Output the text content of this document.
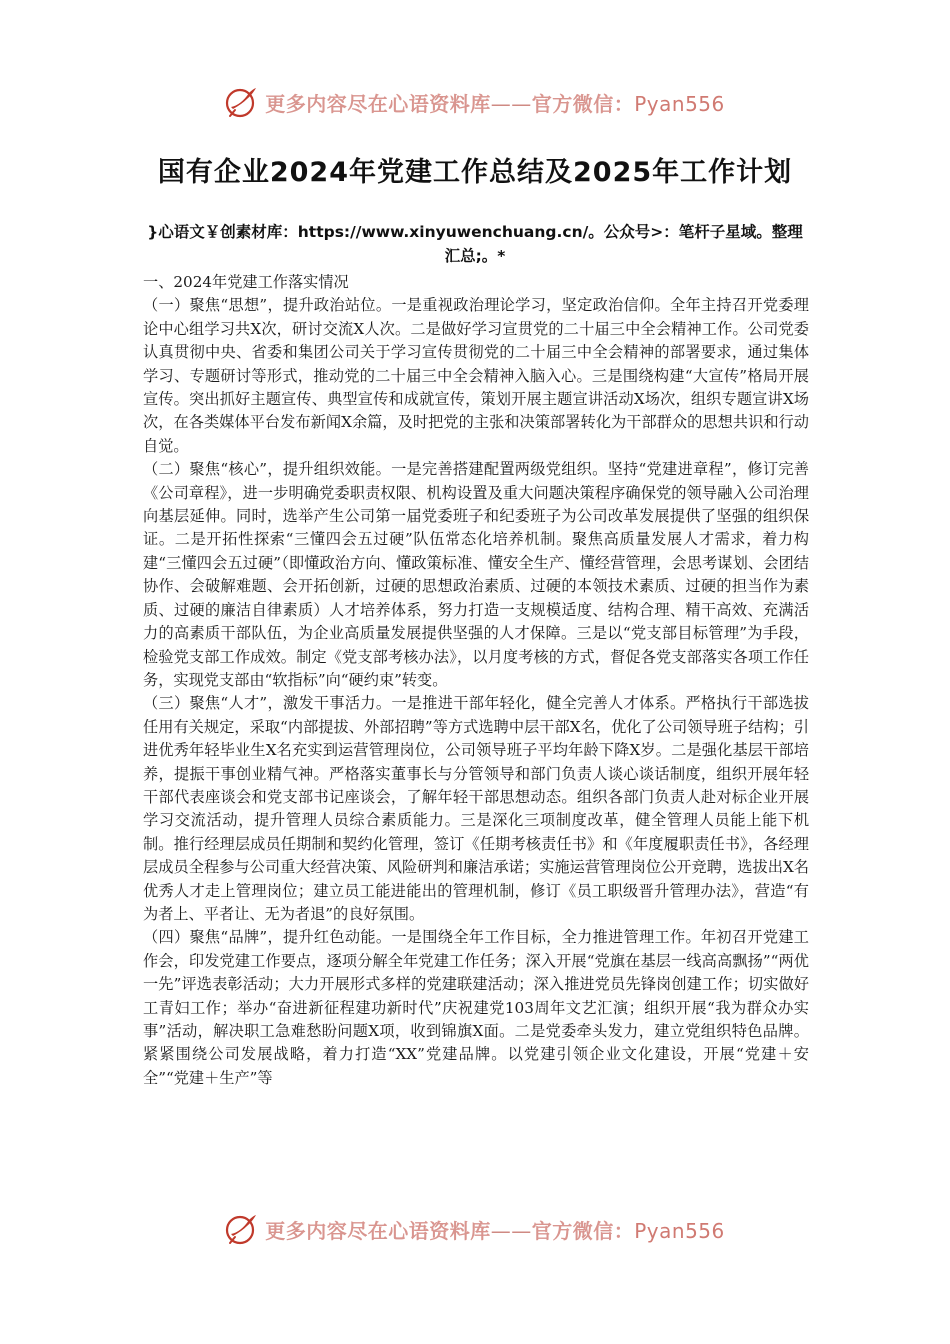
更多内容尽在心语资料库——官方微信：Pyan556
国有企业2024年党建工作总结及2025年工作计划
}心语文￥创素材库：https://www.xinyuwenchuang.cn/。公众号>：笔杆子星域。整理汇总;。*

一、2024年党建工作落实情况

（一）聚焦“思想”，提升政治站位。一是重视政治理论学习，坚定政治信仰。全年主持召开党委理论中心组学习共X次，研讨交流X人次。二是做好学习宣贯党的二十届三中全会精神工作。公司党委认真贯彻中央、省委和集团公司关于学习宣传贯彻党的二十届三中全会精神的部署要求，通过集体学习、专题研讨等形式，推动党的二十届三中全会精神入脑入心。三是围绕构建“大宣传”格局开展宣传。突出抓好主题宣传、典型宣传和成就宣传，策划开展主题宣讲活动X场次，组织专题宣讲X场次，在各类媒体平台发布新闻X余篇，及时把党的主张和决策部署转化为干部群众的思想共识和行动自觉。

（二）聚焦“核心”，提升组织效能。一是完善搭建配置两级党组织。坚持“党建进章程”，修订完善《公司章程》，进一步明确党委职责权限、机构设置及重大问题决策程序确保党的领导融入公司治理向基层延伸。同时，选举产生公司第一届党委班子和纪委班子为公司改革发展提供了坚强的组织保证。二是开拓性探索“三懂四会五过硬”队伍常态化培养机制。聚焦高质量发展人才需求，着力构建“三懂四会五过硬”（即懂政治方向、懂政策标准、懂安全生产、懂经营管理，会思考谋划、会团结协作、会破解难题、会开拓创新，过硬的思想政治素质、过硬的本领技术素质、过硬的担当作为素质、过硬的廉洁自律素质）人才培养体系，努力打造一支规模适度、结构合理、精干高效、充满活力的高素质干部队伍，为企业高质量发展提供坚强的人才保障。三是以“党支部目标管理”为手段，检验党支部工作成效。制定《党支部考核办法》，以月度考核的方式，督促各党支部落实各项工作任务，实现党支部由“软指标”向“硬约束”转变。

（三）聚焦“人才”，激发干事活力。一是推进干部年轻化，健全完善人才体系。严格执行干部选拔任用有关规定，采取“内部提拔、外部招聘”等方式选聘中层干部X名，优化了公司领导班子结构；引进优秀年轻毕业生X名充实到运营管理岗位，公司领导班子平均年龄下降X岁。二是强化基层干部培养，提振干事创业精气神。严格落实董事长与分管领导和部门负责人谈心谈话制度，组织开展年轻干部代表座谈会和党支部书记座谈会，了解年轻干部思想动态。组织各部门负责人赴对标企业开展学习交流活动，提升管理人员综合素质能力。三是深化三项制度改革，健全管理人员能上能下机制。推行经理层成员任期制和契约化管理，签订《任期考核责任书》和《年度履职责任书》，各经理层成员全程参与公司重大经营决策、风险研判和廉洁承诺；实施运营管理岗位公开竞聘，选拔出X名优秀人才走上管理岗位；建立员工能进能出的管理机制，修订《员工职级晋升管理办法》，营造“有为者上、平者让、无为者退”的良好氛围。

（四）聚焦“品牌”，提升红色动能。一是围绕全年工作目标，全力推进管理工作。年初召开党建工作会，印发党建工作要点，逐项分解全年党建工作任务；深入开展“党旗在基层一线高高飘扬”“两优一先”评选表彰活动；大力开展形式多样的党建联建活动；深入推进党员先锋岗创建工作；切实做好工青妇工作；举办“奋进新征程建功新时代”庆祝建党103周年文艺汇演；组织开展“我为群众办实事”活动，解决职工急难愁盼问题X项，收到锦旗X面。二是党委牵头发力，建立党组织特色品牌。紧紧围绕公司发展战略，着力打造“XX”党建品牌。以党建引领企业文化建设，开展“党建＋安全”“党建＋生产”等

更多内容尽在心语资料库——官方微信：Pyan556
